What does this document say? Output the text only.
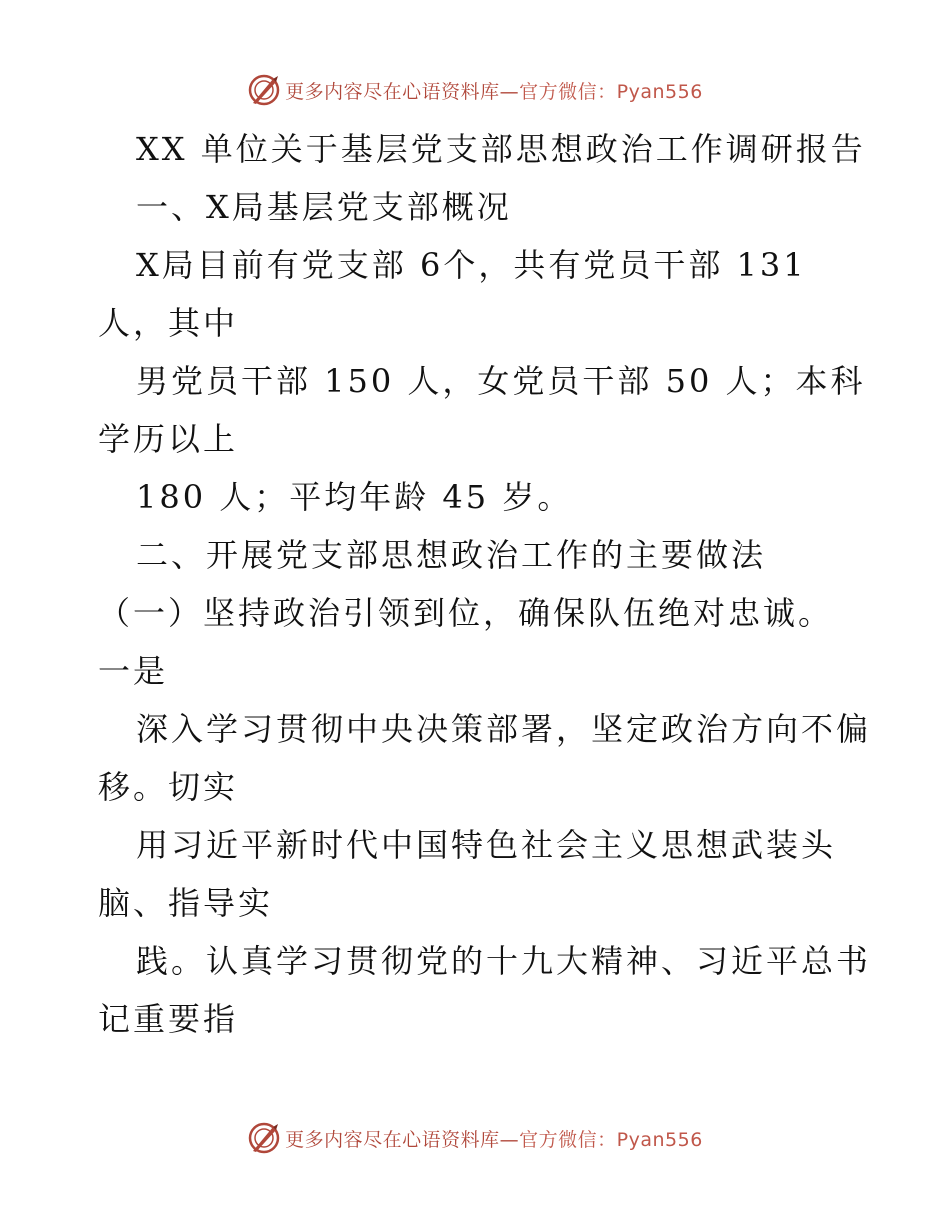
更多内容尽在心语资料库—官方微信：Pyan556
XX 单位关于基层党支部思想政治工作调研报告
一、X局基层党支部概况
X局目前有党支部 6个，共有党员干部 131
人，其中
男党员干部 150 人，女党员干部 50 人；本科
学历以上
180 人；平均年龄 45 岁。
二、开展党支部思想政治工作的主要做法
（一）坚持政治引领到位，确保队伍绝对忠诚。
一是
深入学习贯彻中央决策部署，坚定政治方向不偏
移。切实
用习近平新时代中国特色社会主义思想武装头
脑、指导实
践。认真学习贯彻党的十九大精神、习近平总书
记重要指
更多内容尽在心语资料库—官方微信：Pyan556
